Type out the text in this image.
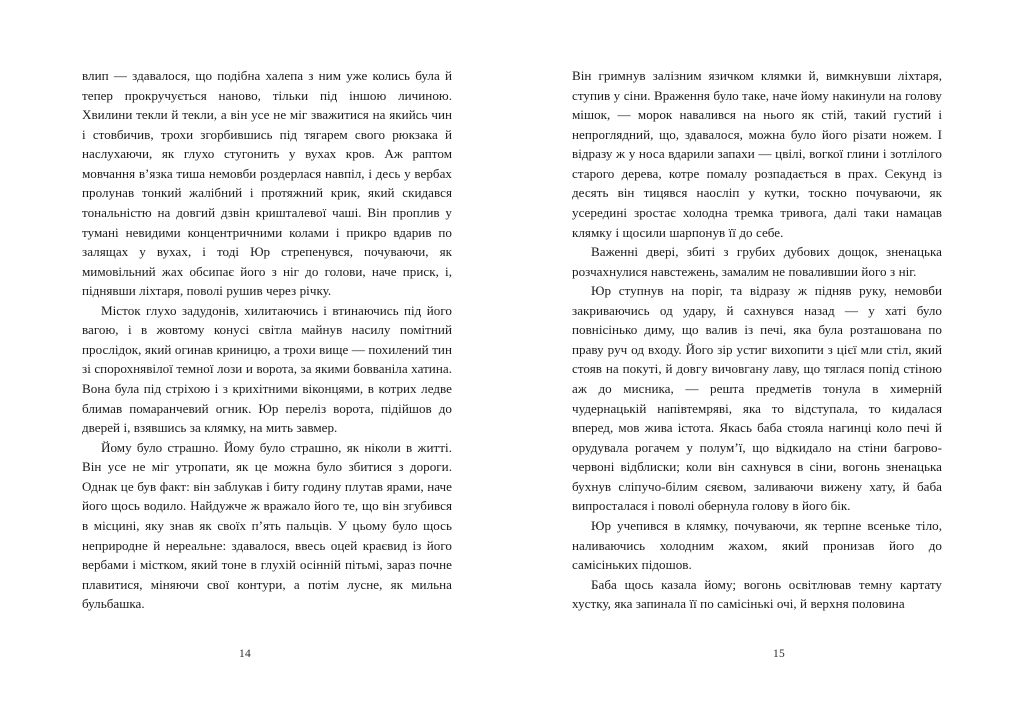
влип — здавалося, що подібна халепа з ним уже колись була й тепер прокручується наново, тільки під іншою личиною. Хвилини текли й текли, а він усе не міг зважитися на якийсь чин і стовбичив, трохи згорбившись під тягарем свого рюкзака й наслухаючи, як глухо стугонить у вухах кров. Аж раптом мовчання в’язка тиша немовби роздерлася навпіл, і десь у вербах пролунав тонкий жалібний і протяжний крик, який скидався тональністю на довгий дзвін кришталевої чаші. Він проплив у тумані невидими концентричними колами і прикро вдарив по залящах у вухах, і тоді Юр стрепенувся, почуваючи, як мимовільний жах обсипає його з ніг до голови, наче приск, і, піднявши ліхтаря, поволі рушив через річку.

Місток глухо задудонів, хилитаючись і втинаючись під його вагою, і в жовтому конусі світла майнув насилу помітний прослідок, який огинав криницю, а трохи вище — похилений тин зі спорохнявілої темної лози и ворота, за якими бовваніла хатина. Вона була під стріхою і з крихітними віконцями, в котрих ледве блимав помаранчевий огник. Юр переліз ворота, підійшов до дверей і, взявшись за клямку, на мить завмер.

Йому було страшно. Йому було страшно, як ніколи в житті. Він усе не міг утропати, як це можна було збитися з дороги. Однак це був факт: він заблукав і биту годину плутав ярами, наче його щось водило. Найдужче ж вражало його те, що він згубився в місцині, яку знав як своїх п’ять пальців. У цьому було щось неприродне й нереальне: здавалося, ввесь оцей краєвид із його вербами і містком, який тоне в глухій осінній пітьмі, зараз почне плавитися, міняючи свої контури, а потім лусне, як мильна бульбашка.

14

Він гримнув залізним язичком клямки й, вимкнувши ліхтаря, ступив у сіни. Враження було таке, наче йому накинули на голову мішок, — морок навалився на нього як стій, такий густий і непроглядний, що, здавалося, можна було його різати ножем. І відразу ж у носа вдарили запахи — цвілі, вогкої глини і зотлілого старого дерева, котре помалу розпадається в прах. Секунд із десять він тицявся наосліп у кутки, тоскно почуваючи, як усередині зростає холодна тремка тривога, далі таки намацав клямку і щосили шарпонув її до себе.

Важенні двері, збиті з грубих дубових дощок, зненацька розчахнулися навстежень, замалим не повалившии його з ніг.

Юр ступнув на поріг, та відразу ж підняв руку, немовби закриваючись од удару, й сахнувся назад — у хаті було повнісінько диму, що валив із печі, яка була розташована по праву руч од входу. Його зір устиг вихопити з цієї мли стіл, який стояв на покуті, й довгу вичовгану лаву, що тяглася попід стіною аж до мисника, — решта предметів тонула в химерній чудернацькій напівтемряві, яка то відступала, то кидалася вперед, мов жива істота. Якась баба стояла нагинці коло печі й орудувала рогачем у полум’ї, що відкидало на стіни багрово-червоні відблиски; коли він сахнувся в сіни, вогонь зненацька бухнув сліпучо-білим сяєвом, заливаючи вижену хату, й баба випросталася і поволі обернула голову в його бік.

Юр учепився в клямку, почуваючи, як терпне всеньке тіло, наливаючись холодним жахом, який пронизав його до самісіньких підошов.

Баба щось казала йому; вогонь освітлював темну картату хустку, яка запинала її по самісінькі очі, й верхня половина

15
